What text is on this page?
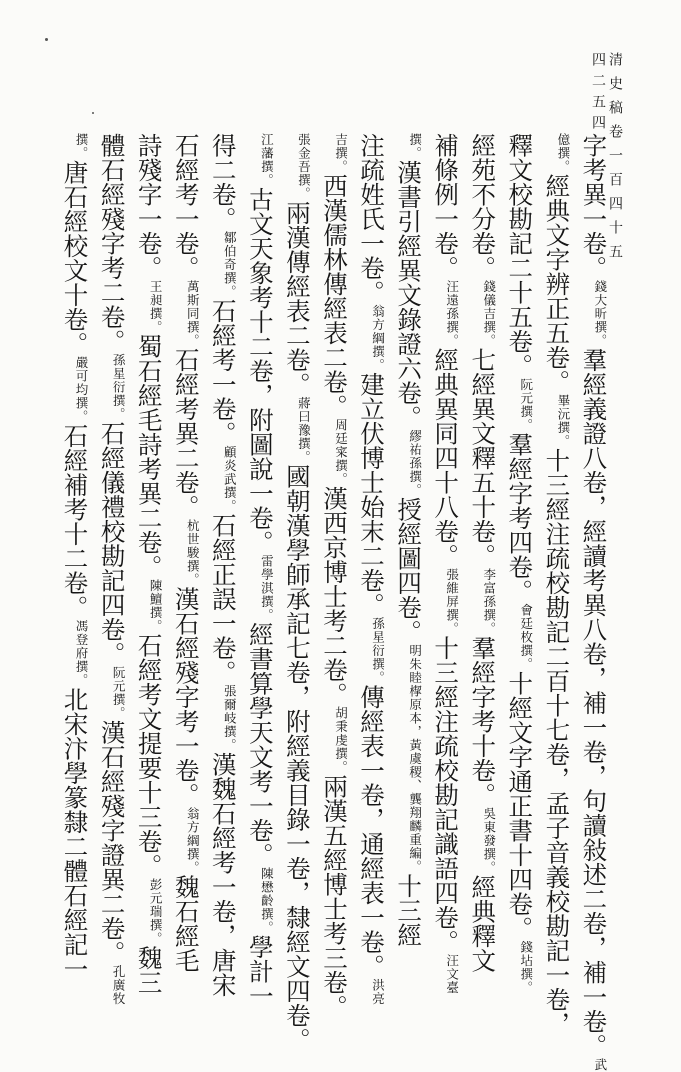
清史稿卷一百四十五
四二五四
字考異一卷。錢大昕撰。羣經義證八卷，經讀考異八卷，補一卷，句讀敍述二卷，補一卷。武
億撰。經典文字辨正五卷。畢沅撰。十三經注疏校勘記二百十七卷，孟子音義校勘記一卷，
釋文校勘記二十五卷。阮元撰。羣經字考四卷。會廷枚撰。十經文字通正書十四卷。錢坫撰。
經苑不分卷。錢儀吉撰。七經異文釋五十卷。李富孫撰。羣經字考十卷。吳東發撰。經典釋文
補條例一卷。汪遠孫撰。經典異同四十八卷。張維屏撰。十三經注疏校勘記識語四卷。汪文臺
撰。漢書引經異文錄證六卷。繆祐孫撰。授經圖四卷。明朱睦㮮原本，黃虞稷、龔翔麟重編。十三經
注疏姓氏一卷。翁方綱撰。建立伏博士始末二卷。孫星衍撰。傳經表一卷，通經表一卷。洪亮
吉撰。西漢儒林傳經表二卷。周廷寀撰。漢西京博士考二卷。胡秉虔撰。兩漢五經博士考三卷。
張金吾撰。兩漢傳經表二卷。蔣曰豫撰。國朝漢學師承記七卷，附經義目錄一卷，隸經文四卷。
江藩撰。古文天象考十二卷，附圖說一卷。雷學淇撰。經書算學天文考一卷。陳懋齡撰。學計一
得二卷。鄒伯奇撰。石經考一卷。顧炎武撰。石經正誤一卷。張爾岐撰。漢魏石經考一卷，唐宋
石經考一卷。萬斯同撰。石經考異二卷。杭世駿撰。漢石經殘字考一卷。翁方綱撰。魏石經毛
詩殘字一卷。王昶撰。蜀石經毛詩考異二卷。陳鱣撰。石經考文提要十三卷。彭元瑞撰。魏三
體石經殘字考二卷。孫星衍撰。石經儀禮校勘記四卷。阮元撰。漢石經殘字證異二卷。孔廣牧
撰。唐石經校文十卷。嚴可均撰。石經補考十二卷。馮登府撰。北宋汴學篆隸二體石經記一
